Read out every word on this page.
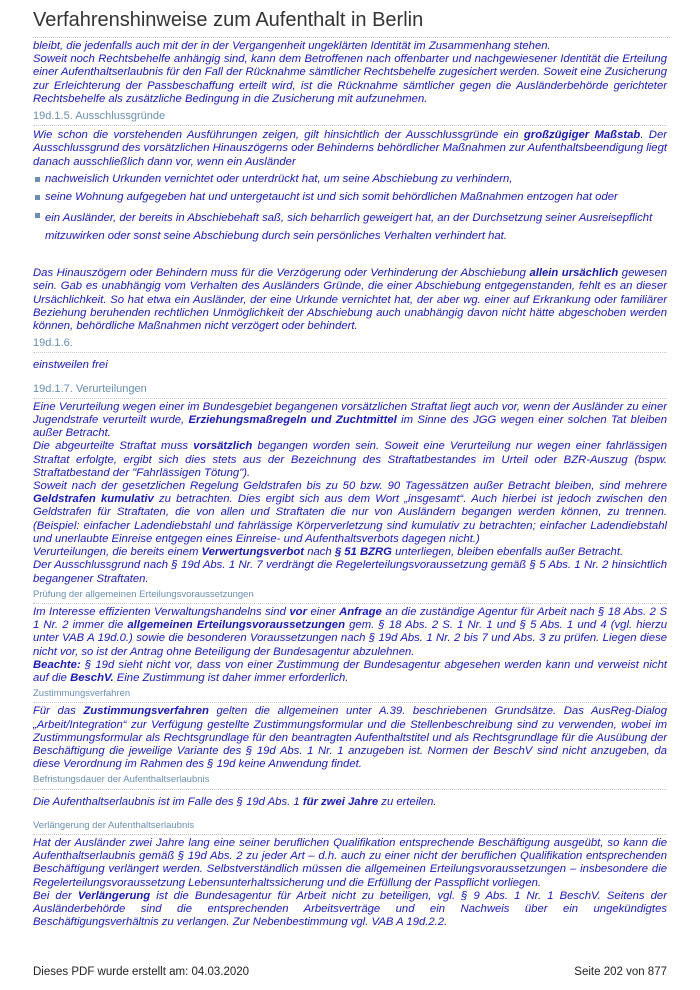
Verfahrenshinweise zum Aufenthalt in Berlin

bleibt, die jedenfalls auch mit der in der Vergangenheit ungeklärten Identität im Zusammenhang stehen.

Soweit noch Rechtsbehelfe anhängig sind, kann dem Betroffenen nach offenbarter und nachgewiesener Identität die Erteilung einer Aufenthaltserlaubnis für den Fall der Rücknahme sämtlicher Rechtsbehelfe zugesichert werden. Soweit eine Zusicherung zur Erleichterung der Passbeschaffung erteilt wird, ist die Rücknahme sämtlicher gegen die Ausländerbehörde gerichteter Rechtsbehelfe als zusätzliche Bedingung in die Zusicherung mit aufzunehmen.

19d.1.5. Ausschlussgründe

Wie schon die vorstehenden Ausführungen zeigen, gilt hinsichtlich der Ausschlussgründe ein großzügiger Maßstab. Der Ausschlussgrund des vorsätzlichen Hinauszögerns oder Behinderns behördlicher Maßnahmen zur Aufenthaltsbeendigung liegt danach ausschließlich dann vor, wenn ein Ausländer

nachweislich Urkunden vernichtet oder unterdrückt hat, um seine Abschiebung zu verhindern,
seine Wohnung aufgegeben hat und untergetaucht ist und sich somit behördlichen Maßnahmen entzogen hat oder
ein Ausländer, der bereits in Abschiebehaft saß, sich beharrlich geweigert hat, an der Durchsetzung seiner Ausreisepflicht mitzuwirken oder sonst seine Abschiebung durch sein persönliches Verhalten verhindert hat.

Das Hinauszögern oder Behindern muss für die Verzögerung oder Verhinderung der Abschiebung allein ursächlich gewesen sein. Gab es unabhängig vom Verhalten des Ausländers Gründe, die einer Abschiebung entgegenstanden, fehlt es an dieser Ursächlichkeit. So hat etwa ein Ausländer, der eine Urkunde vernichtet hat, der aber wg. einer auf Erkrankung oder familiärer Beziehung beruhenden rechtlichen Unmöglichkeit der Abschiebung auch unabhängig davon nicht hätte abgeschoben werden können, behördliche Maßnahmen nicht verzögert oder behindert.

19d.1.6.

einstweilen frei

19d.1.7. Verurteilungen

Eine Verurteilung wegen einer im Bundesgebiet begangenen vorsätzlichen Straftat liegt auch vor, wenn der Ausländer zu einer Jugendstrafe verurteilt wurde, Erziehungsmaßregeln und Zuchtmittel im Sinne des JGG wegen einer solchen Tat bleiben außer Betracht.

Die abgeurteilte Straftat muss vorsätzlich begangen worden sein. Soweit eine Verurteilung nur wegen einer fahrlässigen Straftat erfolgte, ergibt sich dies stets aus der Bezeichnung des Straftatbestandes im Urteil oder BZR-Auszug (bspw. Straftatbestand der "Fahrlässigen Tötung").

Soweit nach der gesetzlichen Regelung Geldstrafen bis zu 50 bzw. 90 Tagessätzen außer Betracht bleiben, sind mehrere Geldstrafen kumulativ zu betrachten. Dies ergibt sich aus dem Wort „insgesamt“. Auch hierbei ist jedoch zwischen den Geldstrafen für Straftaten, die von allen und Straftaten die nur von Ausländern begangen werden können, zu trennen. (Beispiel: einfacher Ladendiebstahl und fahrlässige Körperverletzung sind kumulativ zu betrachten; einfacher Ladendiebstahl und unerlaubte Einreise entgegen eines Einreise- und Aufenthaltsverbots dagegen nicht.)

Verurteilungen, die bereits einem Verwertungsverbot nach § 51 BZRG unterliegen, bleiben ebenfalls außer Betracht.

Der Ausschlussgrund nach § 19d Abs. 1 Nr. 7 verdrängt die Regelerteilungsvoraussetzung gemäß § 5 Abs. 1 Nr. 2 hinsichtlich begangener Straftaten.

Prüfung der allgemeinen Erteilungsvoraussetzungen

Im Interesse effizienten Verwaltungshandelns sind vor einer Anfrage an die zuständige Agentur für Arbeit nach § 18 Abs. 2 S 1 Nr. 2 immer die allgemeinen Erteilungsvoraussetzungen gem. § 18 Abs. 2 S. 1 Nr. 1 und § 5 Abs. 1 und 4 (vgl. hierzu unter VAB A 19d.0.) sowie die besonderen Voraussetzungen nach § 19d Abs. 1 Nr. 2 bis 7 und Abs. 3 zu prüfen. Liegen diese nicht vor, so ist der Antrag ohne Beteiligung der Bundesagentur abzulehnen.

Beachte: § 19d sieht nicht vor, dass von einer Zustimmung der Bundesagentur abgesehen werden kann und verweist nicht auf die BeschV. Eine Zustimmung ist daher immer erforderlich.

Zustimmungsverfahren

Für das Zustimmungsverfahren gelten die allgemeinen unter A.39. beschriebenen Grundsätze. Das AusReg-Dialog „Arbeit/Integration“ zur Verfügung gestellte Zustimmungsformular und die Stellenbeschreibung sind zu verwenden, wobei im Zustimmungsformular als Rechtsgrundlage für den beantragten Aufenthaltstitel und als Rechtsgrundlage für die Ausübung der Beschäftigung die jeweilige Variante des § 19d Abs. 1 Nr. 1 anzugeben ist. Normen der BeschV sind nicht anzugeben, da diese Verordnung im Rahmen des § 19d keine Anwendung findet.

Befristungsdauer der Aufenthaltserlaubnis

Die Aufenthaltserlaubnis ist im Falle des § 19d Abs. 1 für zwei Jahre zu erteilen.

Verlängerung der Aufenthaltserlaubnis

Hat der Ausländer zwei Jahre lang eine seiner beruflichen Qualifikation entsprechende Beschäftigung ausgeübt, so kann die Aufenthaltserlaubnis gemäß § 19d Abs. 2 zu jeder Art – d.h. auch zu einer nicht der beruflichen Qualifikation entsprechenden Beschäftigung verlängert werden. Selbstverständlich müssen die allgemeinen Erteilungsvoraussetzungen – insbesondere die Regelerteilungsvoraussetzung Lebensunterhaltssicherung und die Erfüllung der Passpflicht vorliegen.

Bei der Verlängerung ist die Bundesagentur für Arbeit nicht zu beteiligen, vgl. § 9 Abs. 1 Nr. 1 BeschV. Seitens der Ausländerbehörde sind die entsprechenden Arbeitsverträge und ein Nachweis über ein ungekündigtes Beschäftigungsverhältnis zu verlangen. Zur Nebenbestimmung vgl. VAB A 19d.2.2.

Dieses PDF wurde erstellt am: 04.03.2020	Seite 202 von 877
